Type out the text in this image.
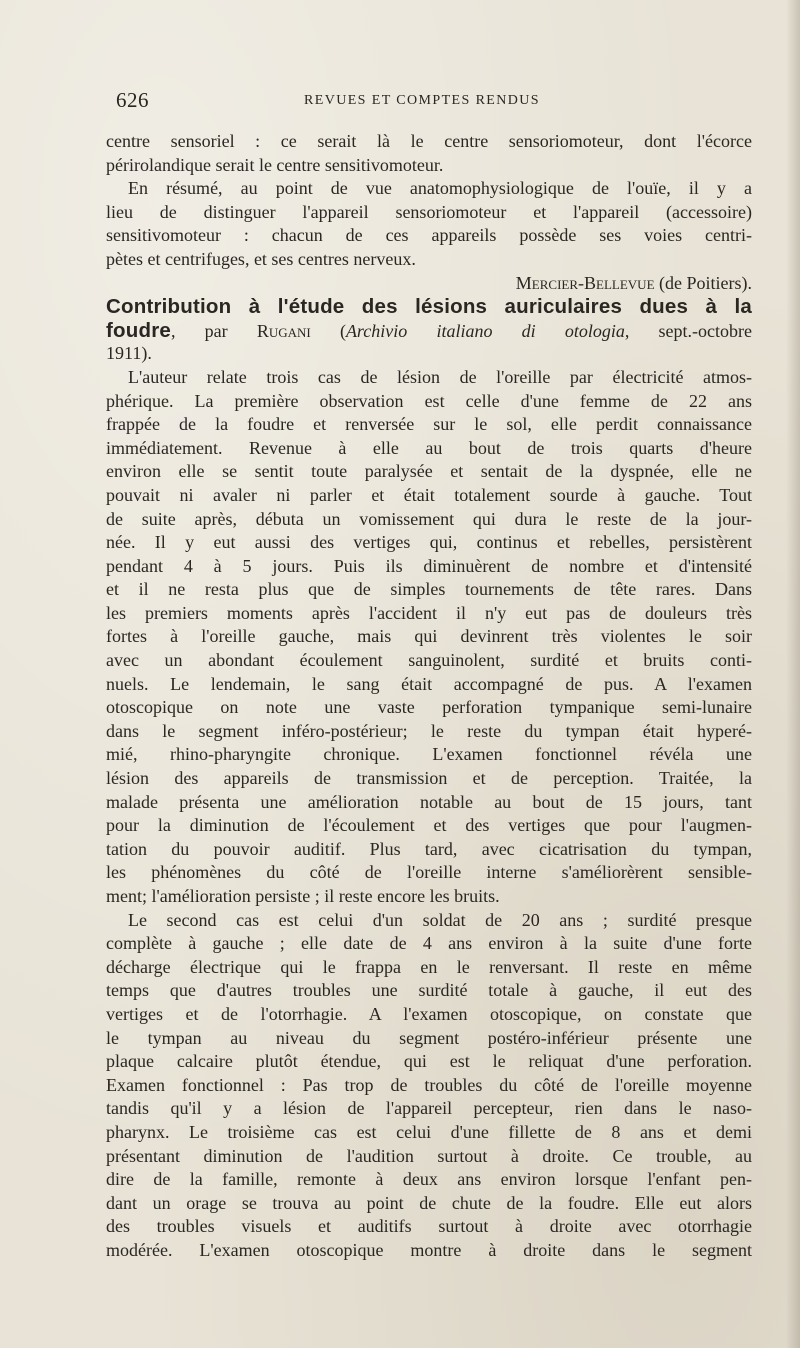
626	REVUES ET COMPTES RENDUS
centre sensoriel : ce serait là le centre sensoriomoteur, dont l'écorce
périrolandique serait le centre sensitivomoteur.
En résumé, au point de vue anatomophysiologique de l'ouïe, il y a
lieu de distinguer l'appareil sensoriomoteur et l'appareil (accessoire)
sensitivomoteur : chacun de ces appareils possède ses voies centri-
pètes et centrifuges, et ses centres nerveux.
Mercier-Bellevue (de Poitiers).
Contribution à l'étude des lésions auriculaires dues à la
foudre, par Rugani (Archivio italiano di otologia, sept.-octobre
1911).
L'auteur relate trois cas de lésion de l'oreille par électricité atmos-
phérique. La première observation est celle d'une femme de 22 ans
frappée de la foudre et renversée sur le sol, elle perdit connaissance
immédiatement. Revenue à elle au bout de trois quarts d'heure
environ elle se sentit toute paralysée et sentait de la dyspnée, elle ne
pouvait ni avaler ni parler et était totalement sourde à gauche. Tout
de suite après, débuta un vomissement qui dura le reste de la jour-
née. Il y eut aussi des vertiges qui, continus et rebelles, persistèrent
pendant 4 à 5 jours. Puis ils diminuèrent de nombre et d'intensité
et il ne resta plus que de simples tournements de tête rares. Dans
les premiers moments après l'accident il n'y eut pas de douleurs très
fortes à l'oreille gauche, mais qui devinrent très violentes le soir
avec un abondant écoulement sanguinolent, surdité et bruits conti-
nuels. Le lendemain, le sang était accompagné de pus. A l'examen
otoscopique on note une vaste perforation tympanique semi-lunaire
dans le segment inféro-postérieur; le reste du tympan était hyperé-
mié, rhino-pharyngite chronique. L'examen fonctionnel révéla une
lésion des appareils de transmission et de perception. Traitée, la
malade présenta une amélioration notable au bout de 15 jours, tant
pour la diminution de l'écoulement et des vertiges que pour l'augmen-
tation du pouvoir auditif. Plus tard, avec cicatrisation du tympan,
les phénomènes du côté de l'oreille interne s'améliorèrent sensible-
ment; l'amélioration persiste ; il reste encore les bruits.
Le second cas est celui d'un soldat de 20 ans ; surdité presque
complète à gauche ; elle date de 4 ans environ à la suite d'une forte
décharge électrique qui le frappa en le renversant. Il reste en même
temps que d'autres troubles une surdité totale à gauche, il eut des
vertiges et de l'otorrhagie. A l'examen otoscopique, on constate que
le tympan au niveau du segment postéro-inférieur présente une
plaque calcaire plutôt étendue, qui est le reliquat d'une perforation.
Examen fonctionnel : Pas trop de troubles du côté de l'oreille moyenne
tandis qu'il y a lésion de l'appareil percepteur, rien dans le naso-
pharynx. Le troisième cas est celui d'une fillette de 8 ans et demi
présentant diminution de l'audition surtout à droite. Ce trouble, au
dire de la famille, remonte à deux ans environ lorsque l'enfant pen-
dant un orage se trouva au point de chute de la foudre. Elle eut alors
des troubles visuels et auditifs surtout à droite avec otorrhagie
modérée. L'examen otoscopique montre à droite dans le segment
